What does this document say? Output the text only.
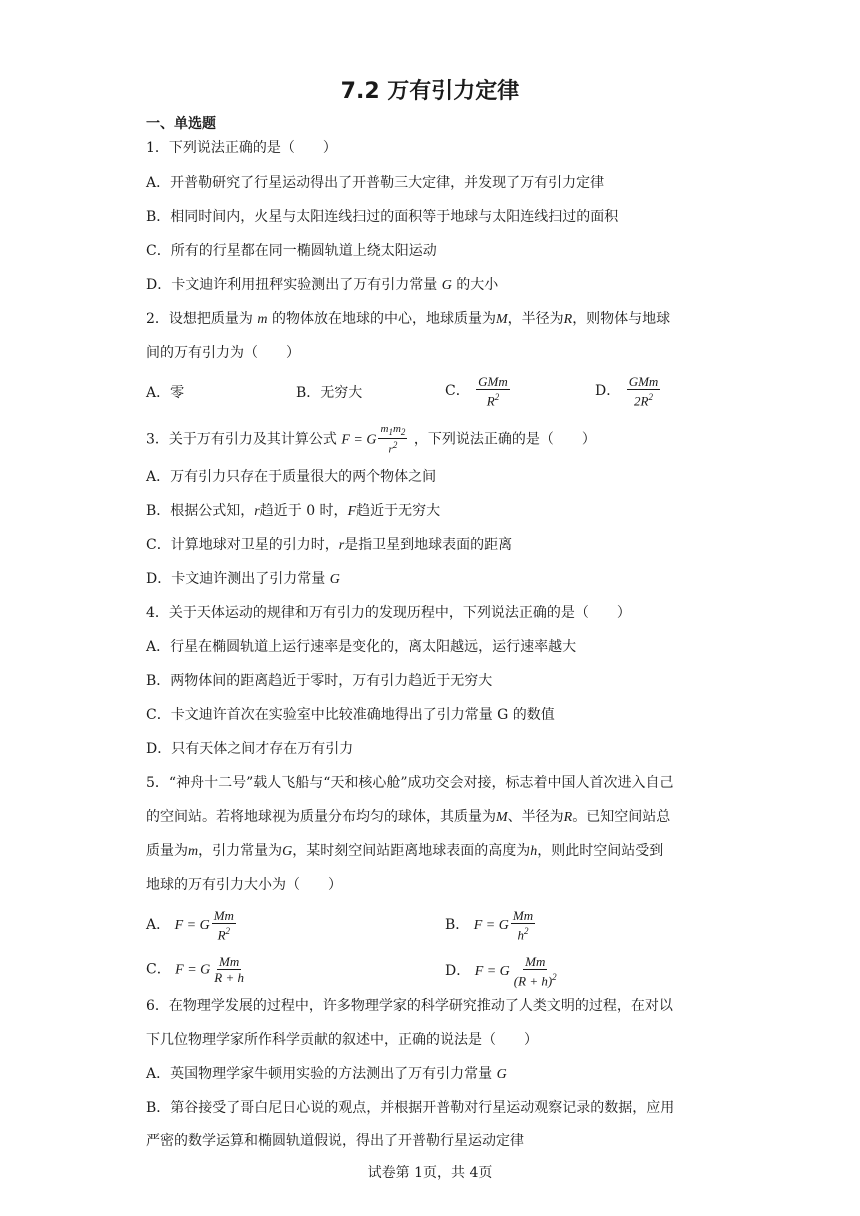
7.2 万有引力定律
一、单选题
1．下列说法正确的是（　　）
A．开普勒研究了行星运动得出了开普勒三大定律，并发现了万有引力定律
B．相同时间内，火星与太阳连线扫过的面积等于地球与太阳连线扫过的面积
C．所有的行星都在同一椭圆轨道上绕太阳运动
D．卡文迪许利用扭秤实验测出了万有引力常量 G 的大小
2．设想把质量为 m 的物体放在地球的中心，地球质量为M，半径为R，则物体与地球
间的万有引力为（　　）
A．零	B．无穷大	C． $\frac{\text{GMm}}{R^2}$	D． $\frac{\text{GMm}}{2R^2}$
3．关于万有引力及其计算公式 F = G $\frac{m_1m_2}{r^2}$ ，下列说法正确的是（　　）
A．万有引力只存在于质量很大的两个物体之间
B．根据公式知，r趋近于 0 时，F趋近于无穷大
C．计算地球对卫星的引力时，r是指卫星到地球表面的距离
D．卡文迪许测出了引力常量 G
4．关于天体运动的规律和万有引力的发现历程中，下列说法正确的是（　　）
A．行星在椭圆轨道上运行速率是变化的，离太阳越远，运行速率越大
B．两物体间的距离趋近于零时，万有引力趋近于无穷大
C．卡文迪许首次在实验室中比较准确地得出了引力常量 G 的数值
D．只有天体之间才存在万有引力
5．“神舟十二号”载人飞船与“天和核心舱”成功交会对接，标志着中国人首次进入自己
的空间站。若将地球视为质量分布均匀的球体，其质量为M、半径为R。已知空间站总
质量为m，引力常量为G，某时刻空间站距离地球表面的高度为h，则此时空间站受到
地球的万有引力大小为（　　）
A． F = G $\frac{Mm}{R^2}$	B． F = G $\frac{Mm}{h^2}$
C． F = G $\frac{Mm}{R + h}$	D． F = G $\frac{Mm}{(R + h)^2}$
6．在物理学发展的过程中，许多物理学家的科学研究推动了人类文明的过程，在对以
下几位物理学家所作科学贡献的叙述中，正确的说法是（　　）
A．英国物理学家牛顿用实验的方法测出了万有引力常量 G
B．第谷接受了哥白尼日心说的观点，并根据开普勒对行星运动观察记录的数据，应用
严密的数学运算和椭圆轨道假说，得出了开普勒行星运动定律
试卷第 1页，共 4页
